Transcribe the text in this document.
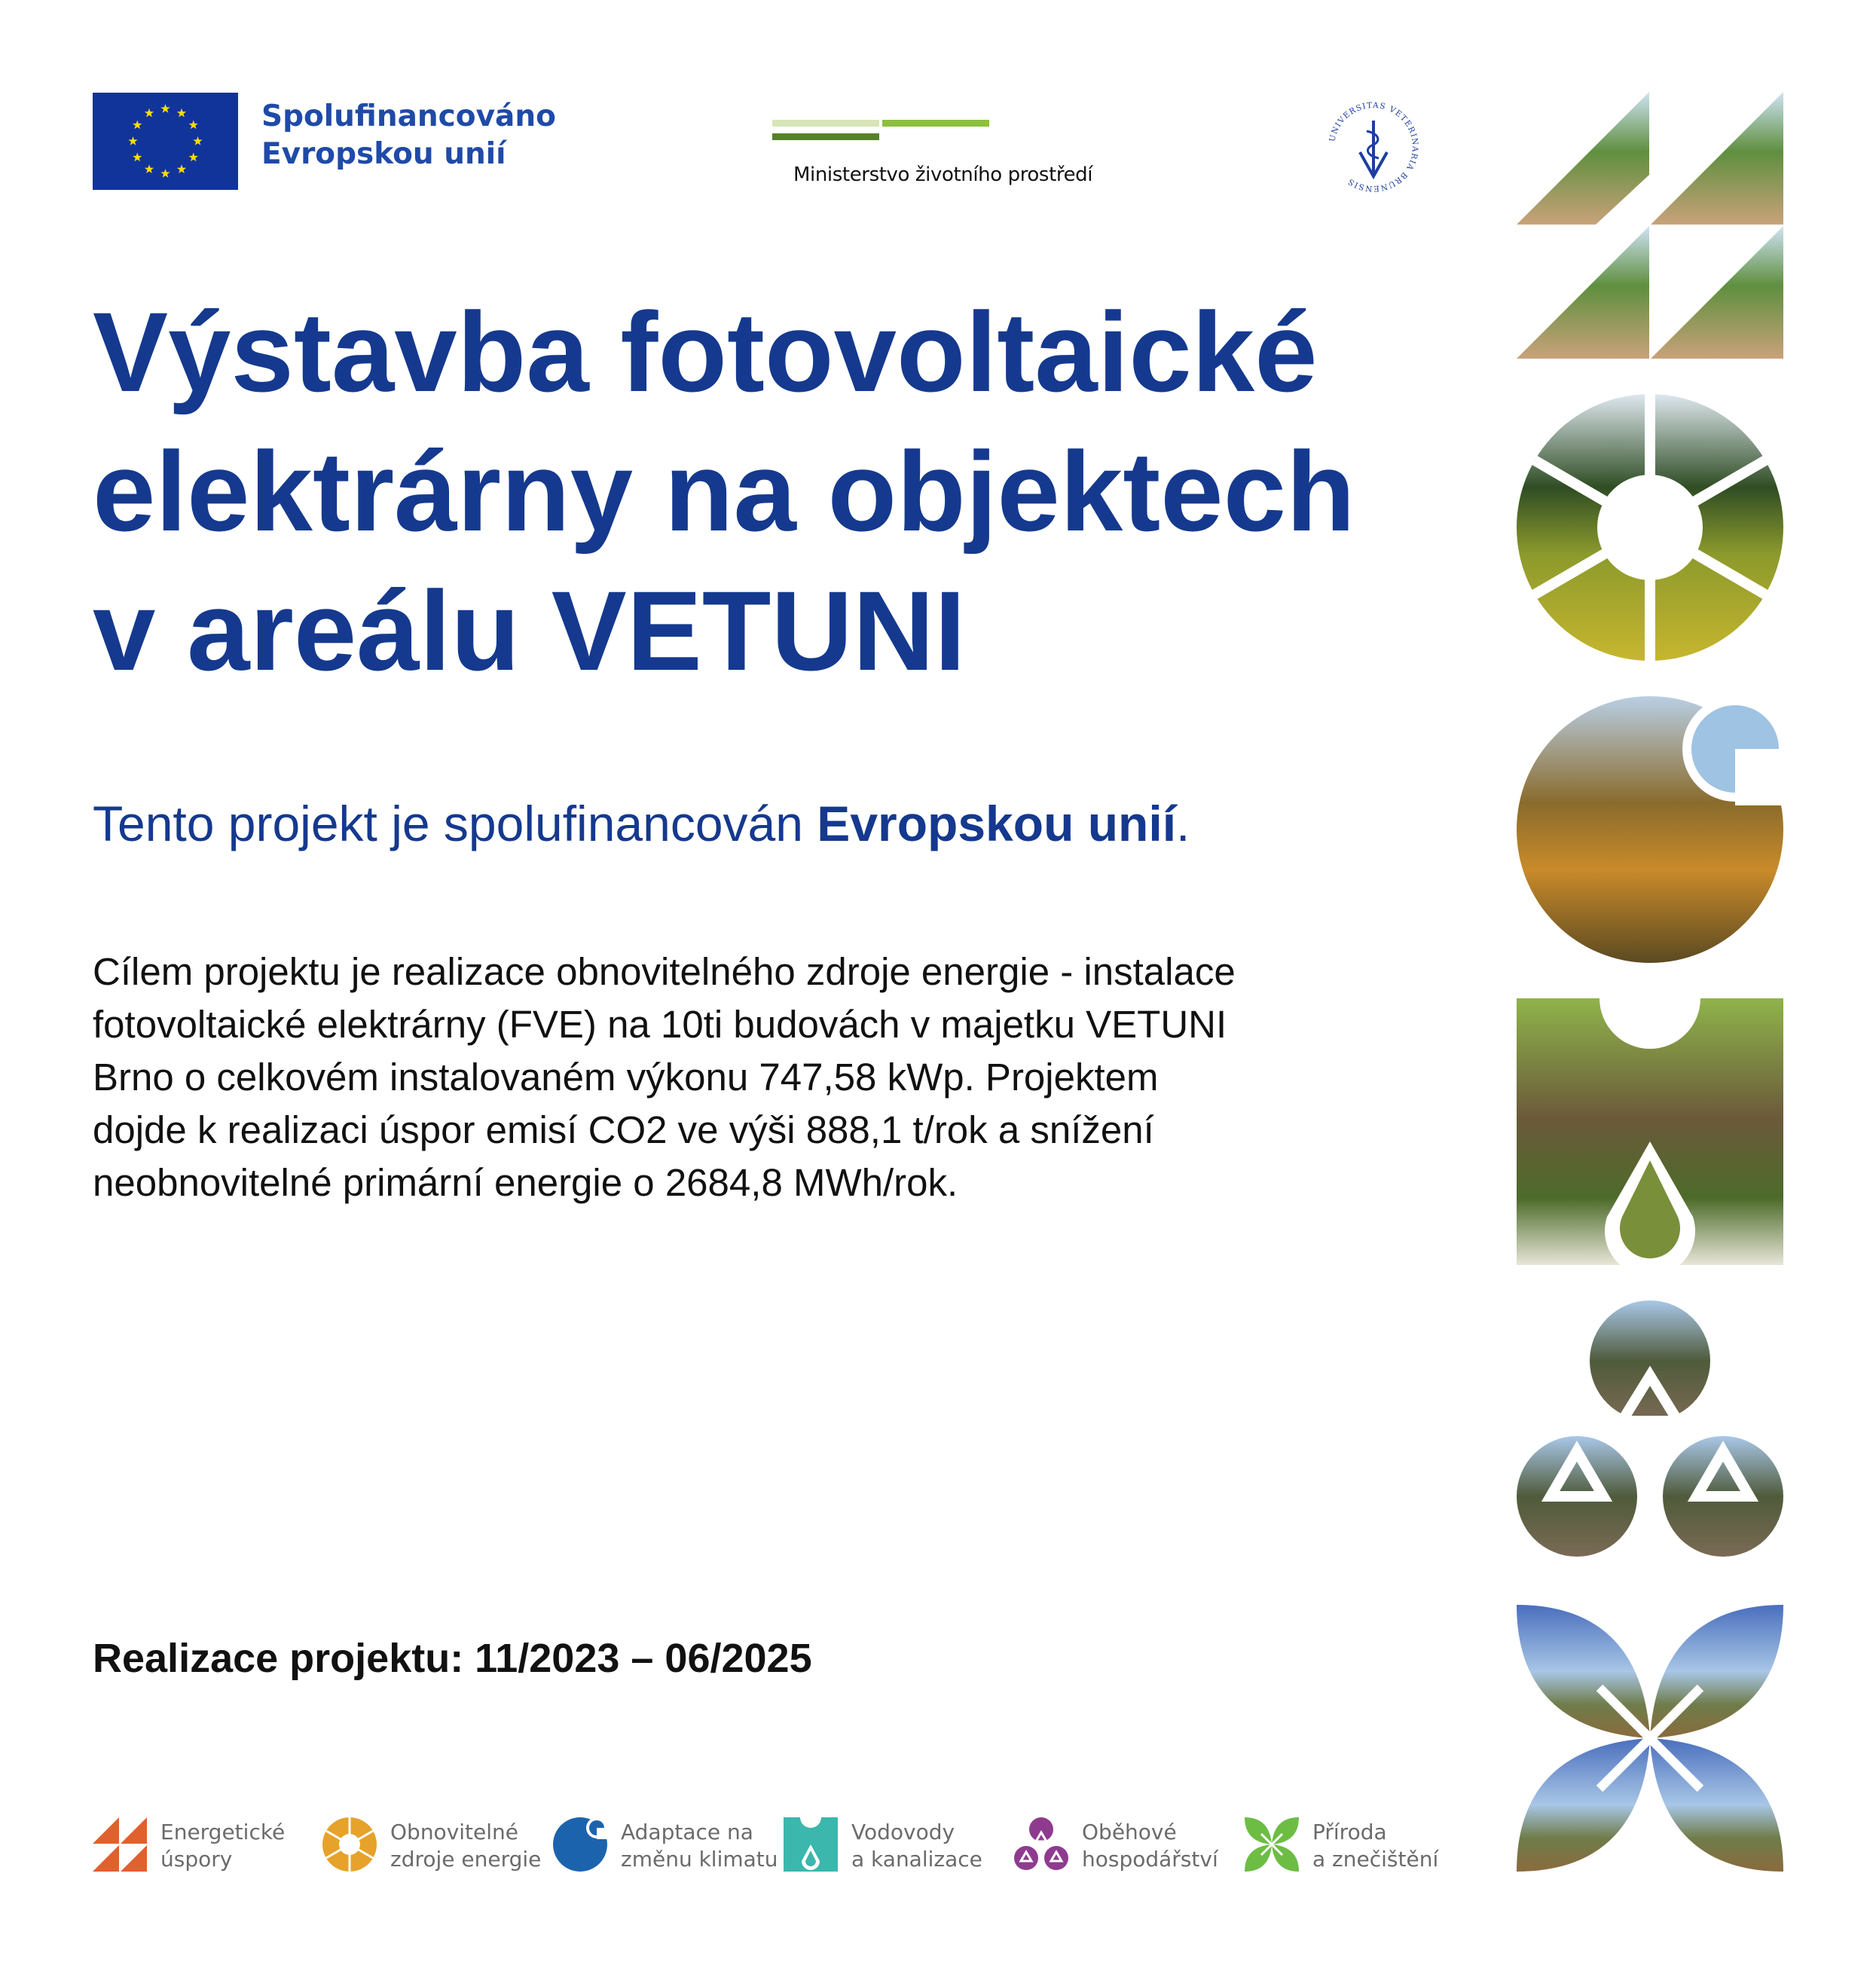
Spolufinancováno
Evropskou unií
Ministerstvo životního prostředí
UNIVERSITAS VETERINARIA BRUNENSIS
Výstavba fotovoltaické
elektrárny na objektech
v areálu VETUNI

Tento projekt je spolufinancován Evropskou unií.

Cílem projektu je realizace obnovitelného zdroje energie - instalace
fotovoltaické elektrárny (FVE) na 10ti budovách v majetku VETUNI
Brno o celkovém instalovaném výkonu 747,58 kWp. Projektem
dojde k realizaci úspor emisí CO2 ve výši 888,1 t/rok a snížení
neobnovitelné primární energie o 2684,8 MWh/rok.

Realizace projektu: 11/2023 – 06/2025

Energetické
úspory
Obnovitelné
zdroje energie
Adaptace na
změnu klimatu
Vodovody
a kanalizace
Oběhové
hospodářství
Příroda
a znečištění
